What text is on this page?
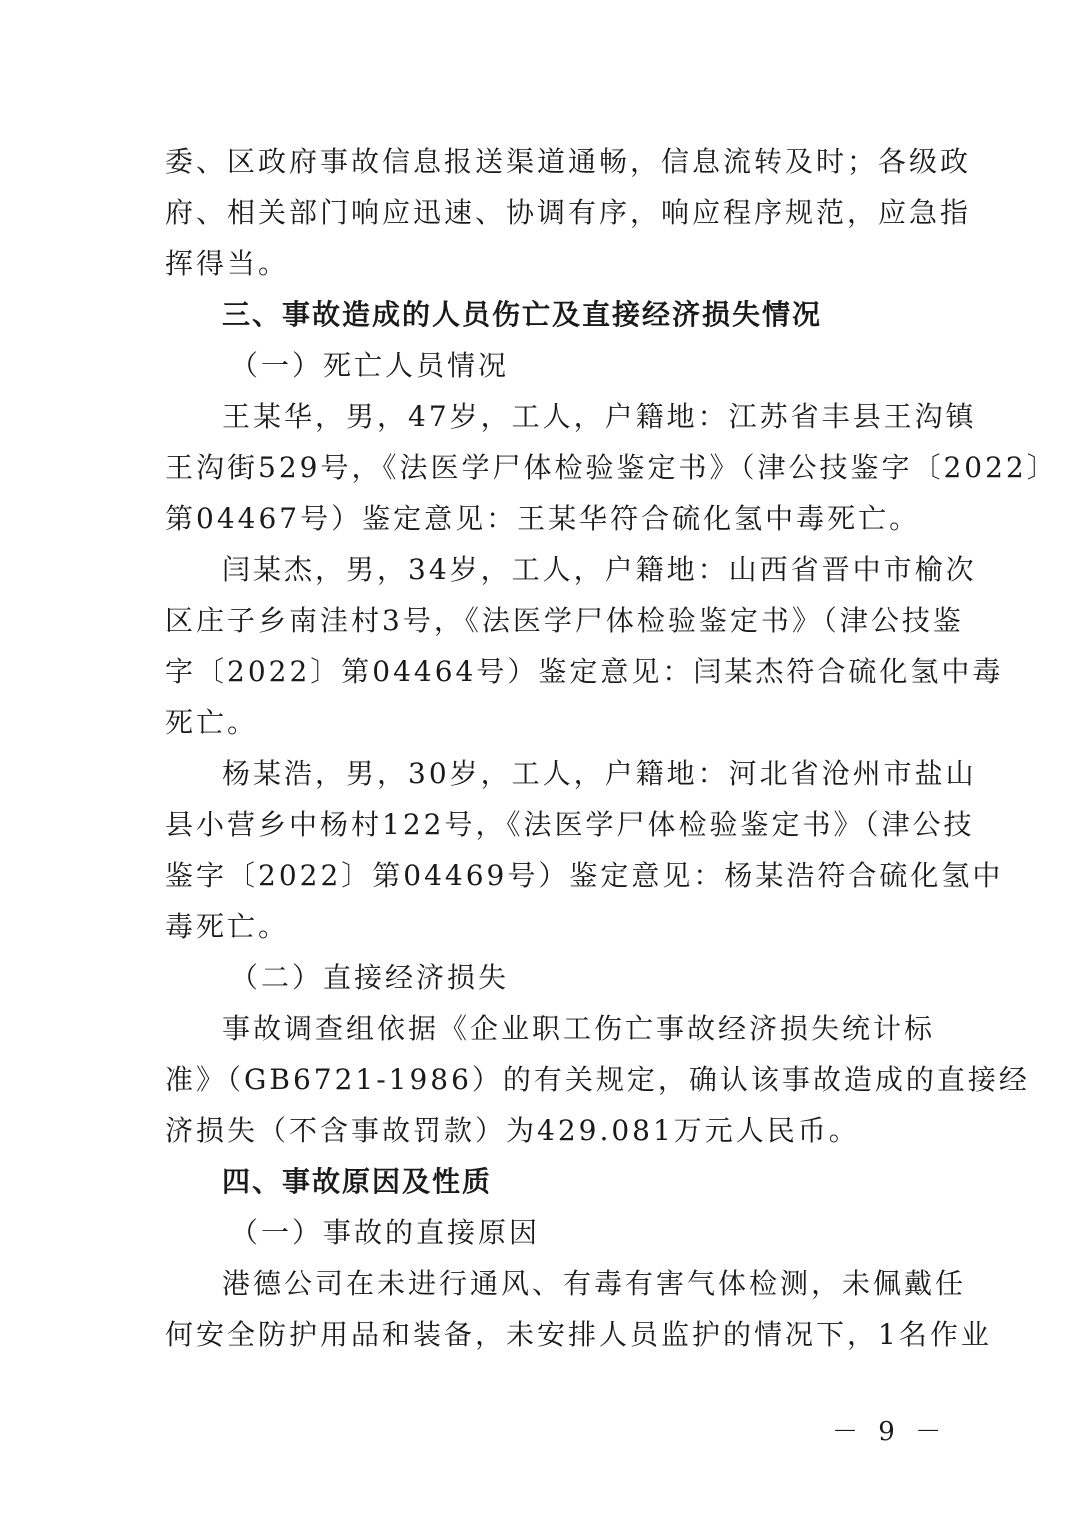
委、区政府事故信息报送渠道通畅，信息流转及时；各级政
府、相关部门响应迅速、协调有序，响应程序规范，应急指
挥得当。
三、事故造成的人员伤亡及直接经济损失情况
（一）死亡人员情况
王某华，男，47岁，工人，户籍地：江苏省丰县王沟镇
王沟街529号，《法医学尸体检验鉴定书》（津公技鉴字〔2022〕
第04467号）鉴定意见：王某华符合硫化氢中毒死亡。
闫某杰，男，34岁，工人，户籍地：山西省晋中市榆次
区庄子乡南洼村3号，《法医学尸体检验鉴定书》（津公技鉴
字〔2022〕第04464号）鉴定意见：闫某杰符合硫化氢中毒
死亡。
杨某浩，男，30岁，工人，户籍地：河北省沧州市盐山
县小营乡中杨村122号，《法医学尸体检验鉴定书》（津公技
鉴字〔2022〕第04469号）鉴定意见：杨某浩符合硫化氢中
毒死亡。
（二）直接经济损失
事故调查组依据《企业职工伤亡事故经济损失统计标
准》（GB6721-1986）的有关规定，确认该事故造成的直接经
济损失（不含事故罚款）为429.081万元人民币。
四、事故原因及性质
（一）事故的直接原因
港德公司在未进行通风、有毒有害气体检测，未佩戴任
何安全防护用品和装备，未安排人员监护的情况下，1名作业
－ 9 －
